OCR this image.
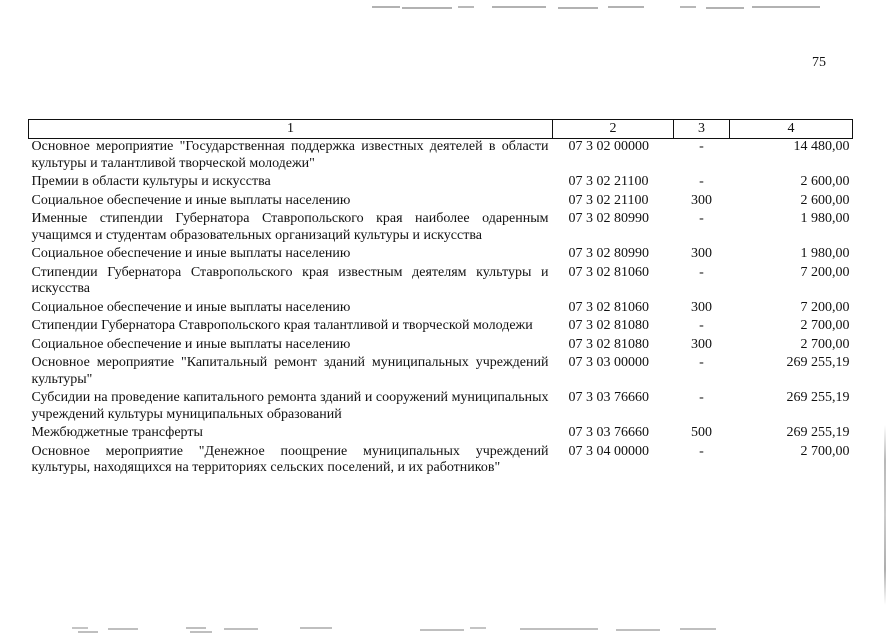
75
1	2	3	4
Основное мероприятие "Государственная поддержка известных деятелей в области культуры и талантливой творческой молодежи"	07 3 02 00000	-	14 480,00
Премии в области культуры и искусства	07 3 02 21100	-	2 600,00
Социальное обеспечение и иные выплаты населению	07 3 02 21100	300	2 600,00
Именные стипендии Губернатора Ставропольского края наиболее одаренным учащимся и студентам образовательных организаций культуры и искусства	07 3 02 80990	-	1 980,00
Социальное обеспечение и иные выплаты населению	07 3 02 80990	300	1 980,00
Стипендии Губернатора Ставропольского края известным деятелям культуры и искусства	07 3 02 81060	-	7 200,00
Социальное обеспечение и иные выплаты населению	07 3 02 81060	300	7 200,00
Стипендии Губернатора Ставропольского края талантливой и творческой молодежи	07 3 02 81080	-	2 700,00
Социальное обеспечение и иные выплаты населению	07 3 02 81080	300	2 700,00
Основное мероприятие "Капитальный ремонт зданий муниципальных учреждений культуры"	07 3 03 00000	-	269 255,19
Субсидии на проведение капитального ремонта зданий и сооружений муниципальных учреждений культуры муниципальных образований	07 3 03 76660	-	269 255,19
Межбюджетные трансферты	07 3 03 76660	500	269 255,19
Основное мероприятие "Денежное поощрение муниципальных учреждений культуры, находящихся на территориях сельских поселений, и их работников"	07 3 04 00000	-	2 700,00
